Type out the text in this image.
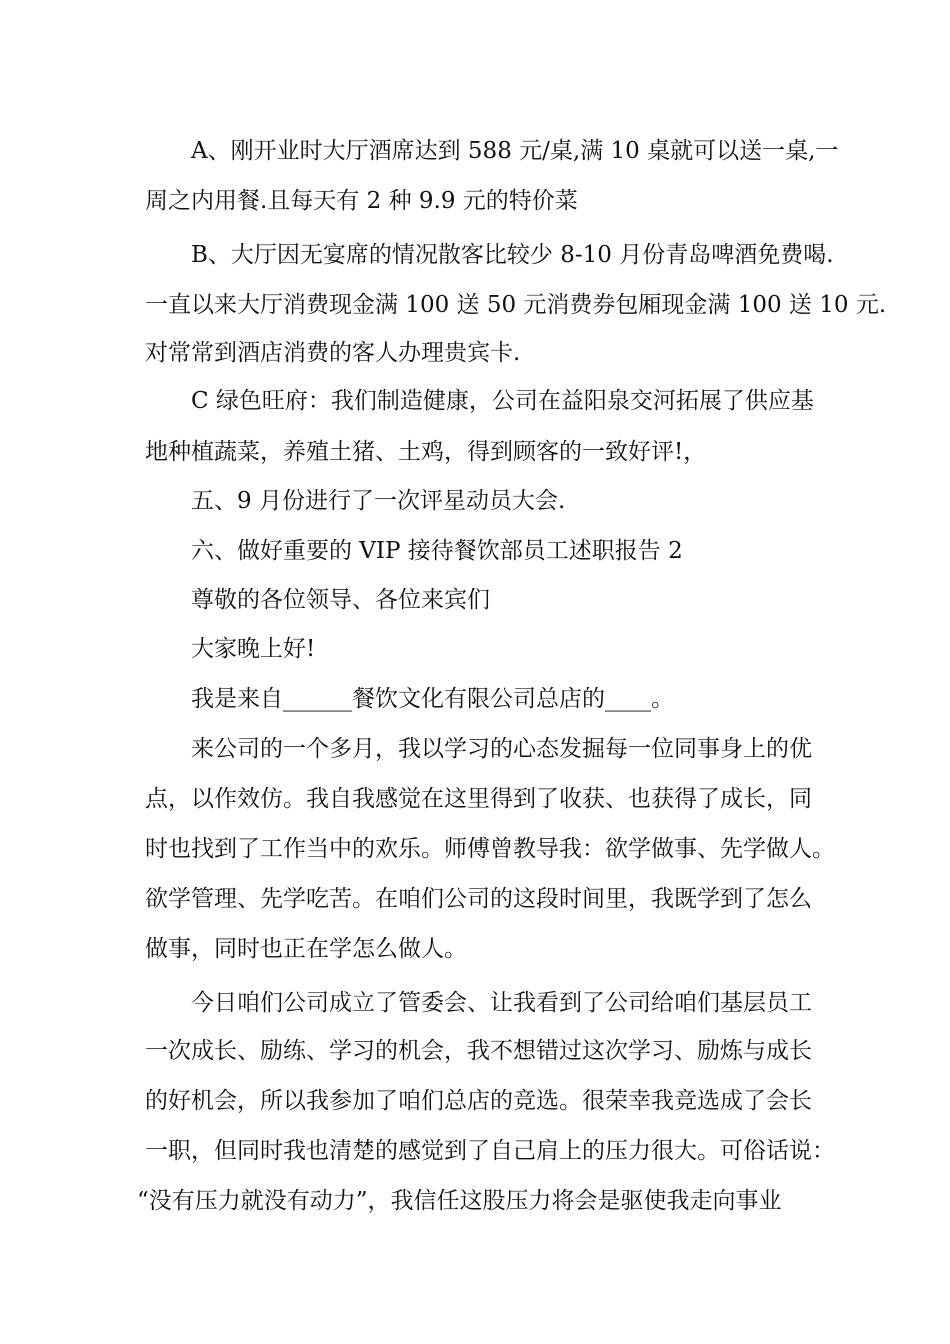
A、刚开业时大厅酒席达到 588 元/桌,满 10 桌就可以送一桌,一
周之内用餐.且每天有 2 种 9.9 元的特价菜
B、大厅因无宴席的情况散客比较少 8-10 月份青岛啤酒免费喝.
一直以来大厅消费现金满 100 送 50 元消费券包厢现金满 100 送 10 元.
对常常到酒店消费的客人办理贵宾卡.
C 绿色旺府：我们制造健康，公司在益阳泉交河拓展了供应基
地种植蔬菜，养殖土猪、土鸡，得到顾客的一致好评!，
五、9 月份进行了一次评星动员大会.
六、做好重要的 VIP 接待餐饮部员工述职报告 2
尊敬的各位领导、各位来宾们
大家晚上好!
我是来自______餐饮文化有限公司总店的____。
来公司的一个多月，我以学习的心态发掘每一位同事身上的优
点，以作效仿。我自我感觉在这里得到了收获、也获得了成长，同
时也找到了工作当中的欢乐。师傅曾教导我：欲学做事、先学做人。
欲学管理、先学吃苦。在咱们公司的这段时间里，我既学到了怎么
做事，同时也正在学怎么做人。
今日咱们公司成立了管委会、让我看到了公司给咱们基层员工
一次成长、励练、学习的机会，我不想错过这次学习、励炼与成长
的好机会，所以我参加了咱们总店的竞选。很荣幸我竞选成了会长
一职，但同时我也清楚的感觉到了自己肩上的压力很大。可俗话说：
“没有压力就没有动力”，我信任这股压力将会是驱使我走向事业
